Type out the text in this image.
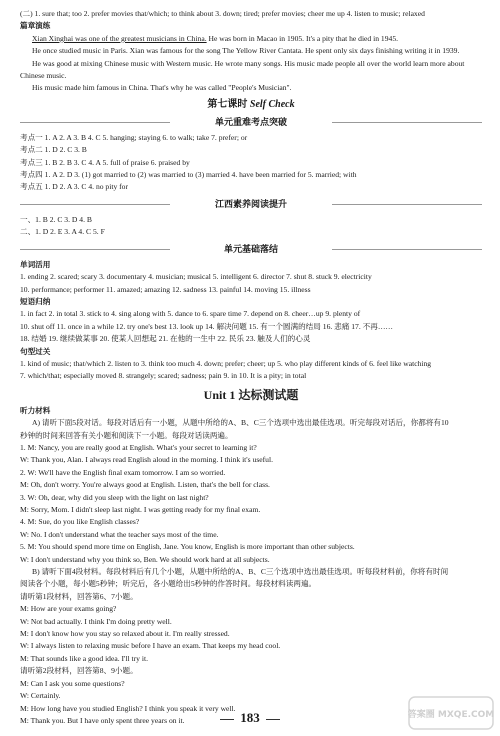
(二) 1. sure that; too 2. prefer movies that/which; to think about 3. down; tired; prefer movies; cheer me up 4. listen to music; relaxed
篇章演练
Xian Xinghai was one of the greatest musicians in China. He was born in Macao in 1905. It's a pity that he died in 1945.
He once studied music in Paris. Xian was famous for the song The Yellow River Cantata. He spent only six days finishing writing it in 1939.
He was good at mixing Chinese music with Western music. He wrote many songs. His music made people all over the world learn more about
Chinese music.
His music made him famous in China. That's why he was called "People's Musician".
第七课时 Self Check
单元重难考点突破
考点一 1. A 2. A 3. B 4. C 5. hanging; staying 6. to walk; take 7. prefer; or
考点二 1. D 2. C 3. B
考点三 1. B 2. B 3. C 4. A 5. full of praise 6. praised by
考点四 1. A 2. D 3. (1) got married to (2) was married to (3) married 4. have been married for 5. married; with
考点五 1. D 2. A 3. C 4. no pity for
江西素养阅读提升
一、1. B 2. C 3. D 4. B
二、1. D 2. E 3. A 4. C 5. F
单元基础落结
单词活用
1. ending 2. scared; scary 3. documentary 4. musician; musical 5. intelligent 6. director 7. shut 8. stuck 9. electricity
10. performance; performer 11. amazed; amazing 12. sadness 13. painful 14. moving 15. illness
短语归纳
1. in fact 2. in total 3. stick to 4. sing along with 5. dance to 6. spare time 7. depend on 8. cheer…up 9. plenty of
10. shut off 11. once in a while 12. try one's best 13. look up 14. 解决问题 15. 有一个圆满的结局 16. 悲痛 17. 不再……
18. 结婚 19. 继续做某事 20. 使某人回想起 21. 在他的一生中 22. 民乐 23. 触及人们的心灵
句型过关
1. kind of music; that/which 2. listen to 3. think too much 4. down; prefer; cheer; up 5. who play different kinds of 6. feel like watching
7. which/that; especially moved 8. strangely; scared; sadness; pain 9. in 10. It is a pity; in total
Unit 1 达标测试题
听力材料
A) 请听下面5段对话。每段对话后有一小题，从题中所给的A、B、C三个选项中选出最佳选项。听完每段对话后，你都将有10
秒钟的时间来回答有关小题和阅读下一小题。每段对话读两遍。
1. M: Nancy, you are really good at English. What's your secret to learning it?
W: Thank you, Alan. I always read English aloud in the morning. I think it's useful.
2. W: We'll have the English final exam tomorrow. I am so worried.
M: Oh, don't worry. You're always good at English. Listen, that's the bell for class.
3. W: Oh, dear, why did you sleep with the light on last night?
M: Sorry, Mom. I didn't sleep last night. I was getting ready for my final exam.
4. M: Sue, do you like English classes?
W: No. I don't understand what the teacher says most of the time.
5. M: You should spend more time on English, Jane. You know, English is more important than other subjects.
W: I don't understand why you think so, Ben. We should work hard at all subjects.
B) 请听下面4段材料。每段材料后有几个小题，从题中所给的A、B、C三个选项中选出最佳选项。听每段材料前，你将有时间
阅读各个小题，每小题5秒钟；听完后，各小题给出5秒钟的作答时间。每段材料读两遍。
请听第1段材料，回答第6、7小题。
M: How are your exams going?
W: Not bad actually. I think I'm doing pretty well.
M: I don't know how you stay so relaxed about it. I'm really stressed.
W: I always listen to relaxing music before I have an exam. That keeps my head cool.
M: That sounds like a good idea. I'll try it.
请听第2段材料，回答第8、9小题。
M: Can I ask you some questions?
W: Certainly.
M: How long have you studied English? I think you speak it very well.
M: Thank you. But I have only spent three years on it.	183	答案圈 MXQE.COM
